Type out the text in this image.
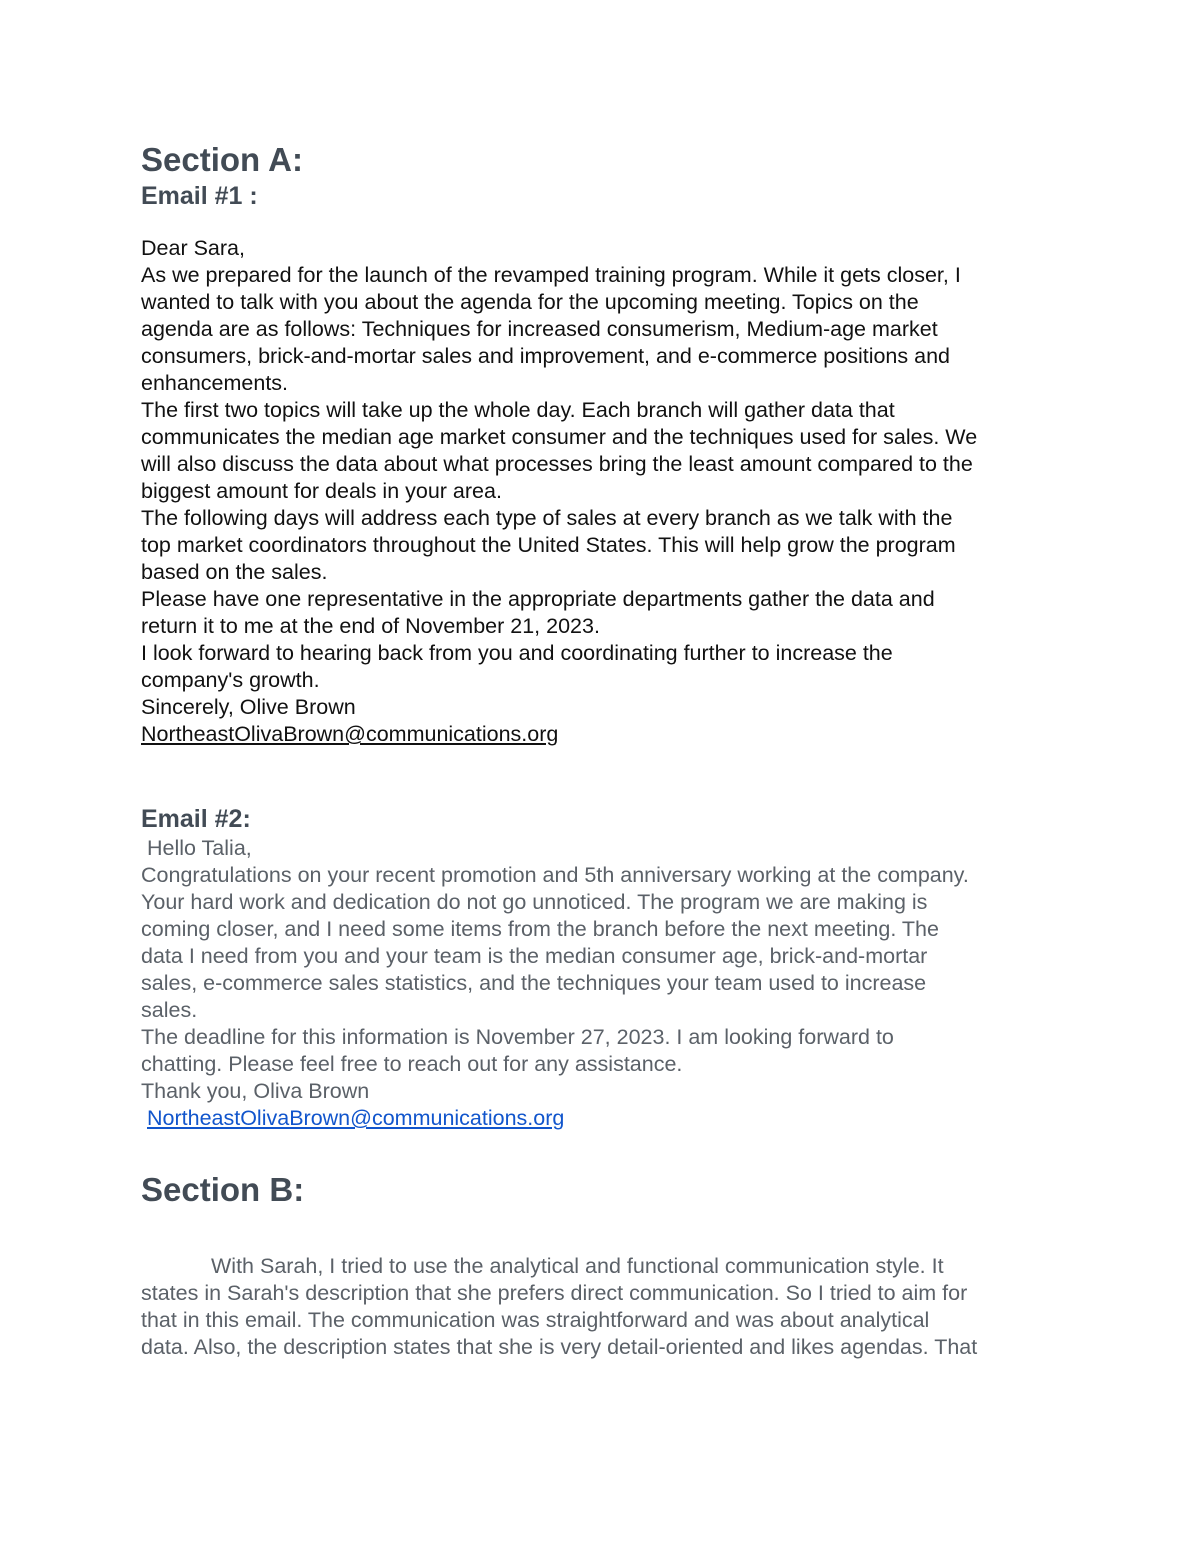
Section A:
Email #1 :
Dear Sara,
As we prepared for the launch of the revamped training program. While it gets closer, I
wanted to talk with you about the agenda for the upcoming meeting. Topics on the
agenda are as follows: Techniques for increased consumerism, Medium-age market
consumers, brick-and-mortar sales and improvement, and e-commerce positions and
enhancements.
The first two topics will take up the whole day. Each branch will gather data that
communicates the median age market consumer and the techniques used for sales. We
will also discuss the data about what processes bring the least amount compared to the
biggest amount for deals in your area.
The following days will address each type of sales at every branch as we talk with the
top market coordinators throughout the United States. This will help grow the program
based on the sales.
Please have one representative in the appropriate departments gather the data and
return it to me at the end of November 21, 2023.
I look forward to hearing back from you and coordinating further to increase the
company's growth.
Sincerely, Olive Brown
NortheastOlivaBrown@communications.org
Email #2:
Hello Talia,
Congratulations on your recent promotion and 5th anniversary working at the company.
Your hard work and dedication do not go unnoticed. The program we are making is
coming closer, and I need some items from the branch before the next meeting. The
data I need from you and your team is the median consumer age, brick-and-mortar
sales, e-commerce sales statistics, and the techniques your team used to increase
sales.
The deadline for this information is November 27, 2023. I am looking forward to
chatting. Please feel free to reach out for any assistance.
Thank you, Oliva Brown
NortheastOlivaBrown@communications.org
Section B:
With Sarah, I tried to use the analytical and functional communication style. It
states in Sarah's description that she prefers direct communication. So I tried to aim for
that in this email. The communication was straightforward and was about analytical
data. Also, the description states that she is very detail-oriented and likes agendas. That
